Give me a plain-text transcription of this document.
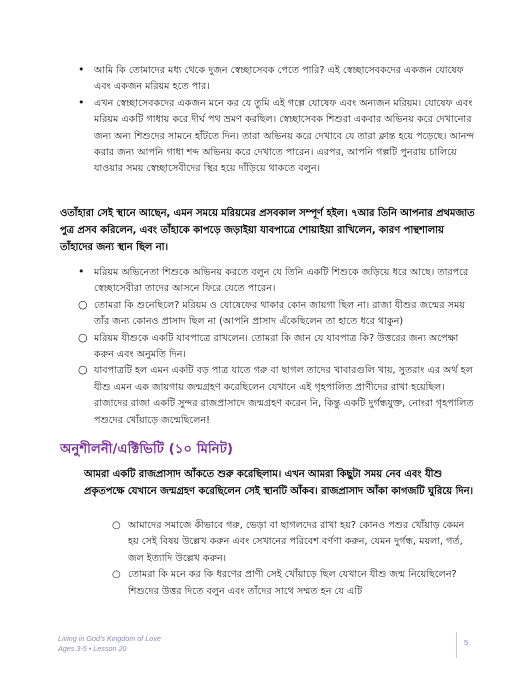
• আমি কি তোমাদের মধ্য থেকে দুজন স্বেচ্ছাসেবক পেতে পারি? এই স্বেচ্ছাসেবকদের একজন যোষেফ এবং একজন মরিয়ম হতে পার।
• এখন স্বেচ্ছাসেবকদের একজন মনে কর যে তুমি এই গল্পে যোষেফ এবং অন্যজন মরিয়ম। যোষেফ এবং মরিয়ম একটি গাধায় করে দীর্ঘ পথ ভ্রমণ করছিল। স্বেচ্ছাসেবক শিশুরা একবার অভিনয় করে দেখানোর জন্য অন্য শিশুদের সামনে হাঁটতে দিন। তারা অভিনয় করে দেখাবে যে তারা ক্লান্ত হয়ে পড়েছে। আনন্দ করার জন্য আপনি গাধা শব্দ অভিনয় করে দেখাতে পারেন। এরপর, আপনি গল্পটি পুনরায় চালিয়ে যাওয়ার সময় স্বেচ্ছাসেবীদের স্থির হয়ে দাঁড়িয়ে থাকতে বলুন।

ওতাঁহারা সেই স্থানে আছেন, এমন সময়ে মরিয়মের প্রসবকাল সম্পূর্ণ হইল। ৭আর তিনি আপনার প্রথমজাত পুত্র প্রসব করিলেন, এবং তাঁহাকে কাপড়ে জড়াইয়া যাবপাত্রে শোয়াইয়া রাখিলেন, কারণ পান্থশালায় তাঁহাদের জন্য স্থান ছিল না।

• মরিয়ম অভিনেতা শিশুকে অভিনয় করতে বলুন যে তিনি একটি শিশুকে জড়িয়ে ধরে আছে। তারপরে স্বেচ্ছাসেবীরা তাদের আসনে ফিরে যেতে পারেন।
○ তোমরা কি শুনেছিলে? মরিয়ম ও যোষেফের থাকার কোন জায়গা ছিল না। রাজা যীশুর জন্মের সময় তাঁর জন্য কোনও প্রাসাদ ছিল না (আপনি প্রাসাদ এঁকেছিলেন তা হাতে ধরে থাকুন)
○ মরিয়ম যীশুকে একটি যাবপাত্রে রাখলেন। তোমরা কি জান যে যাবপাত্র কি? উত্তরের জন্য অপেক্ষা করুন এবং অনুমতি দিন।
○ যাবপাত্রটি হল এমন একটি বড় পাত্র যাতে গরু বা ছাগল তাদের খাবারগুলি খায়, সুতরাং এর অর্থ হল যীশু এমন এক জায়গায় জন্মগ্রহণ করেছিলেন যেখানে এই গৃহপালিত প্রাণীদের রাখা হয়েছিল। রাজাদের রাজা একটি সুন্দর রাজপ্রাসাদে জন্মগ্রহণ করেন নি, কিন্তু একটি দুর্গন্ধযুক্ত, নোংরা গৃহপালিত পশুদের খোঁয়াড়ে জন্মেছিলেন!
অনুশীলনী/এক্টিভিটি (১০ মিনিট)

আমরা একটি রাজপ্রাসাদ আঁকতে শুরু করেছিলাম। এখন আমরা কিছুটা সময় নেব এবং যীশু প্রকৃতপক্ষে যেখানে জন্মগ্রহণ করেছিলেন সেই স্থানটি আঁকব। রাজপ্রাসাদ আঁকা কাগজটি ঘুরিয়ে দিন।

○ আমাদের সমাজে কীভাবে গরু, ভেড়া বা ছাগলদের রাখা হয়? কোনও পশুর খোঁয়াড় কেমন হয় সেই বিষয় উল্লেখ করুন এবং সেখানের পরিবেশ বর্ণণা করুন, যেমন দুর্গন্ধ, ময়লা, গর্ত, জল ইত্যাদি উল্লেখ করুন।
○ তোমরা কি মনে কর কি ধরণের প্রাণী সেই খোঁয়াড়ে ছিল যেখানে যীশু জন্ম নিয়েছিলেন? শিশুদের উত্তর দিতে বলুন এবং তাঁদের সাথে সম্মত হন যে এটি
Living in God's Kingdom of Love
Ages 3-5 • Lesson 20
5
